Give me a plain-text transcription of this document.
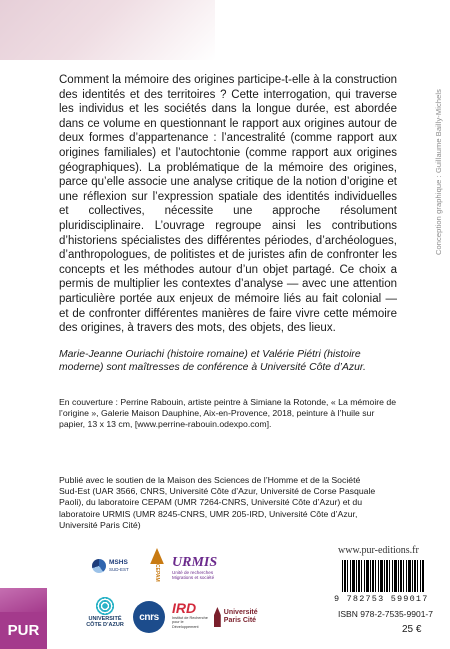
Conception graphique : Guillaume Bailly-Michels

Comment la mémoire des origines participe-t-elle à la construction des identités et des territoires ? Cette interrogation, qui traverse les individus et les sociétés dans la longue durée, est abordée dans ce volume en questionnant le rapport aux origines autour de deux formes d’appartenance : l’ancestralité (comme rapport aux origines familiales) et l’autochtonie (comme rapport aux origines géographiques). La problématique de la mémoire des origines, parce qu’elle associe une analyse critique de la notion d’origine et une réflexion sur l’expression spatiale des identités individuelles et collectives, nécessite une approche résolument pluridisciplinaire. L’ouvrage regroupe ainsi les contributions d’historiens spécialistes des différentes périodes, d’archéologues, d’anthropologues, de politistes et de juristes afin de confronter les concepts et les méthodes autour d’un objet partagé. Ce choix a permis de multiplier les contextes d’analyse — avec une attention particulière portée aux enjeux de mémoire liés au fait colonial — et de confronter différentes manières de faire vivre cette mémoire des origines, à travers des mots, des objets, des lieux.

Marie-Jeanne Ouriachi (histoire romaine) et Valérie Piétri (histoire moderne) sont maîtresses de conférence à Université Côte d’Azur.

En couverture : Perrine Rabouin, artiste peintre à Simiane la Rotonde, « La mémoire de l’origine », Galerie Maison Dauphine, Aix-en-Provence, 2018, peinture à l’huile sur papier, 13 x 13 cm, [www.perrine-rabouin.odexpo.com].

Publié avec le soutien de la Maison des Sciences de l’Homme et de la Société Sud-Est (UAR 3566, CNRS, Université Côte d’Azur, Université de Corse Pasquale Paoli), du laboratoire CEPAM (UMR 7264-CNRS, Université Côte d’Azur) et du laboratoire URMIS (UMR 8245-CNRS, UMR 205-IRD, Université Côte d’Azur, Université Paris Cité)

PUR
MSHS
SUD-EST	CEPAM
URMIS
Unité de recherches Migrations et société
UNIVERSITÉ CÔTE D’AZUR
cnrs
IRD
Institut de Recherche pour le Développement
Université Paris Cité
www.pur-editions.fr
9 782753 599017
ISBN 978-2-7535-9901-7
25 €
